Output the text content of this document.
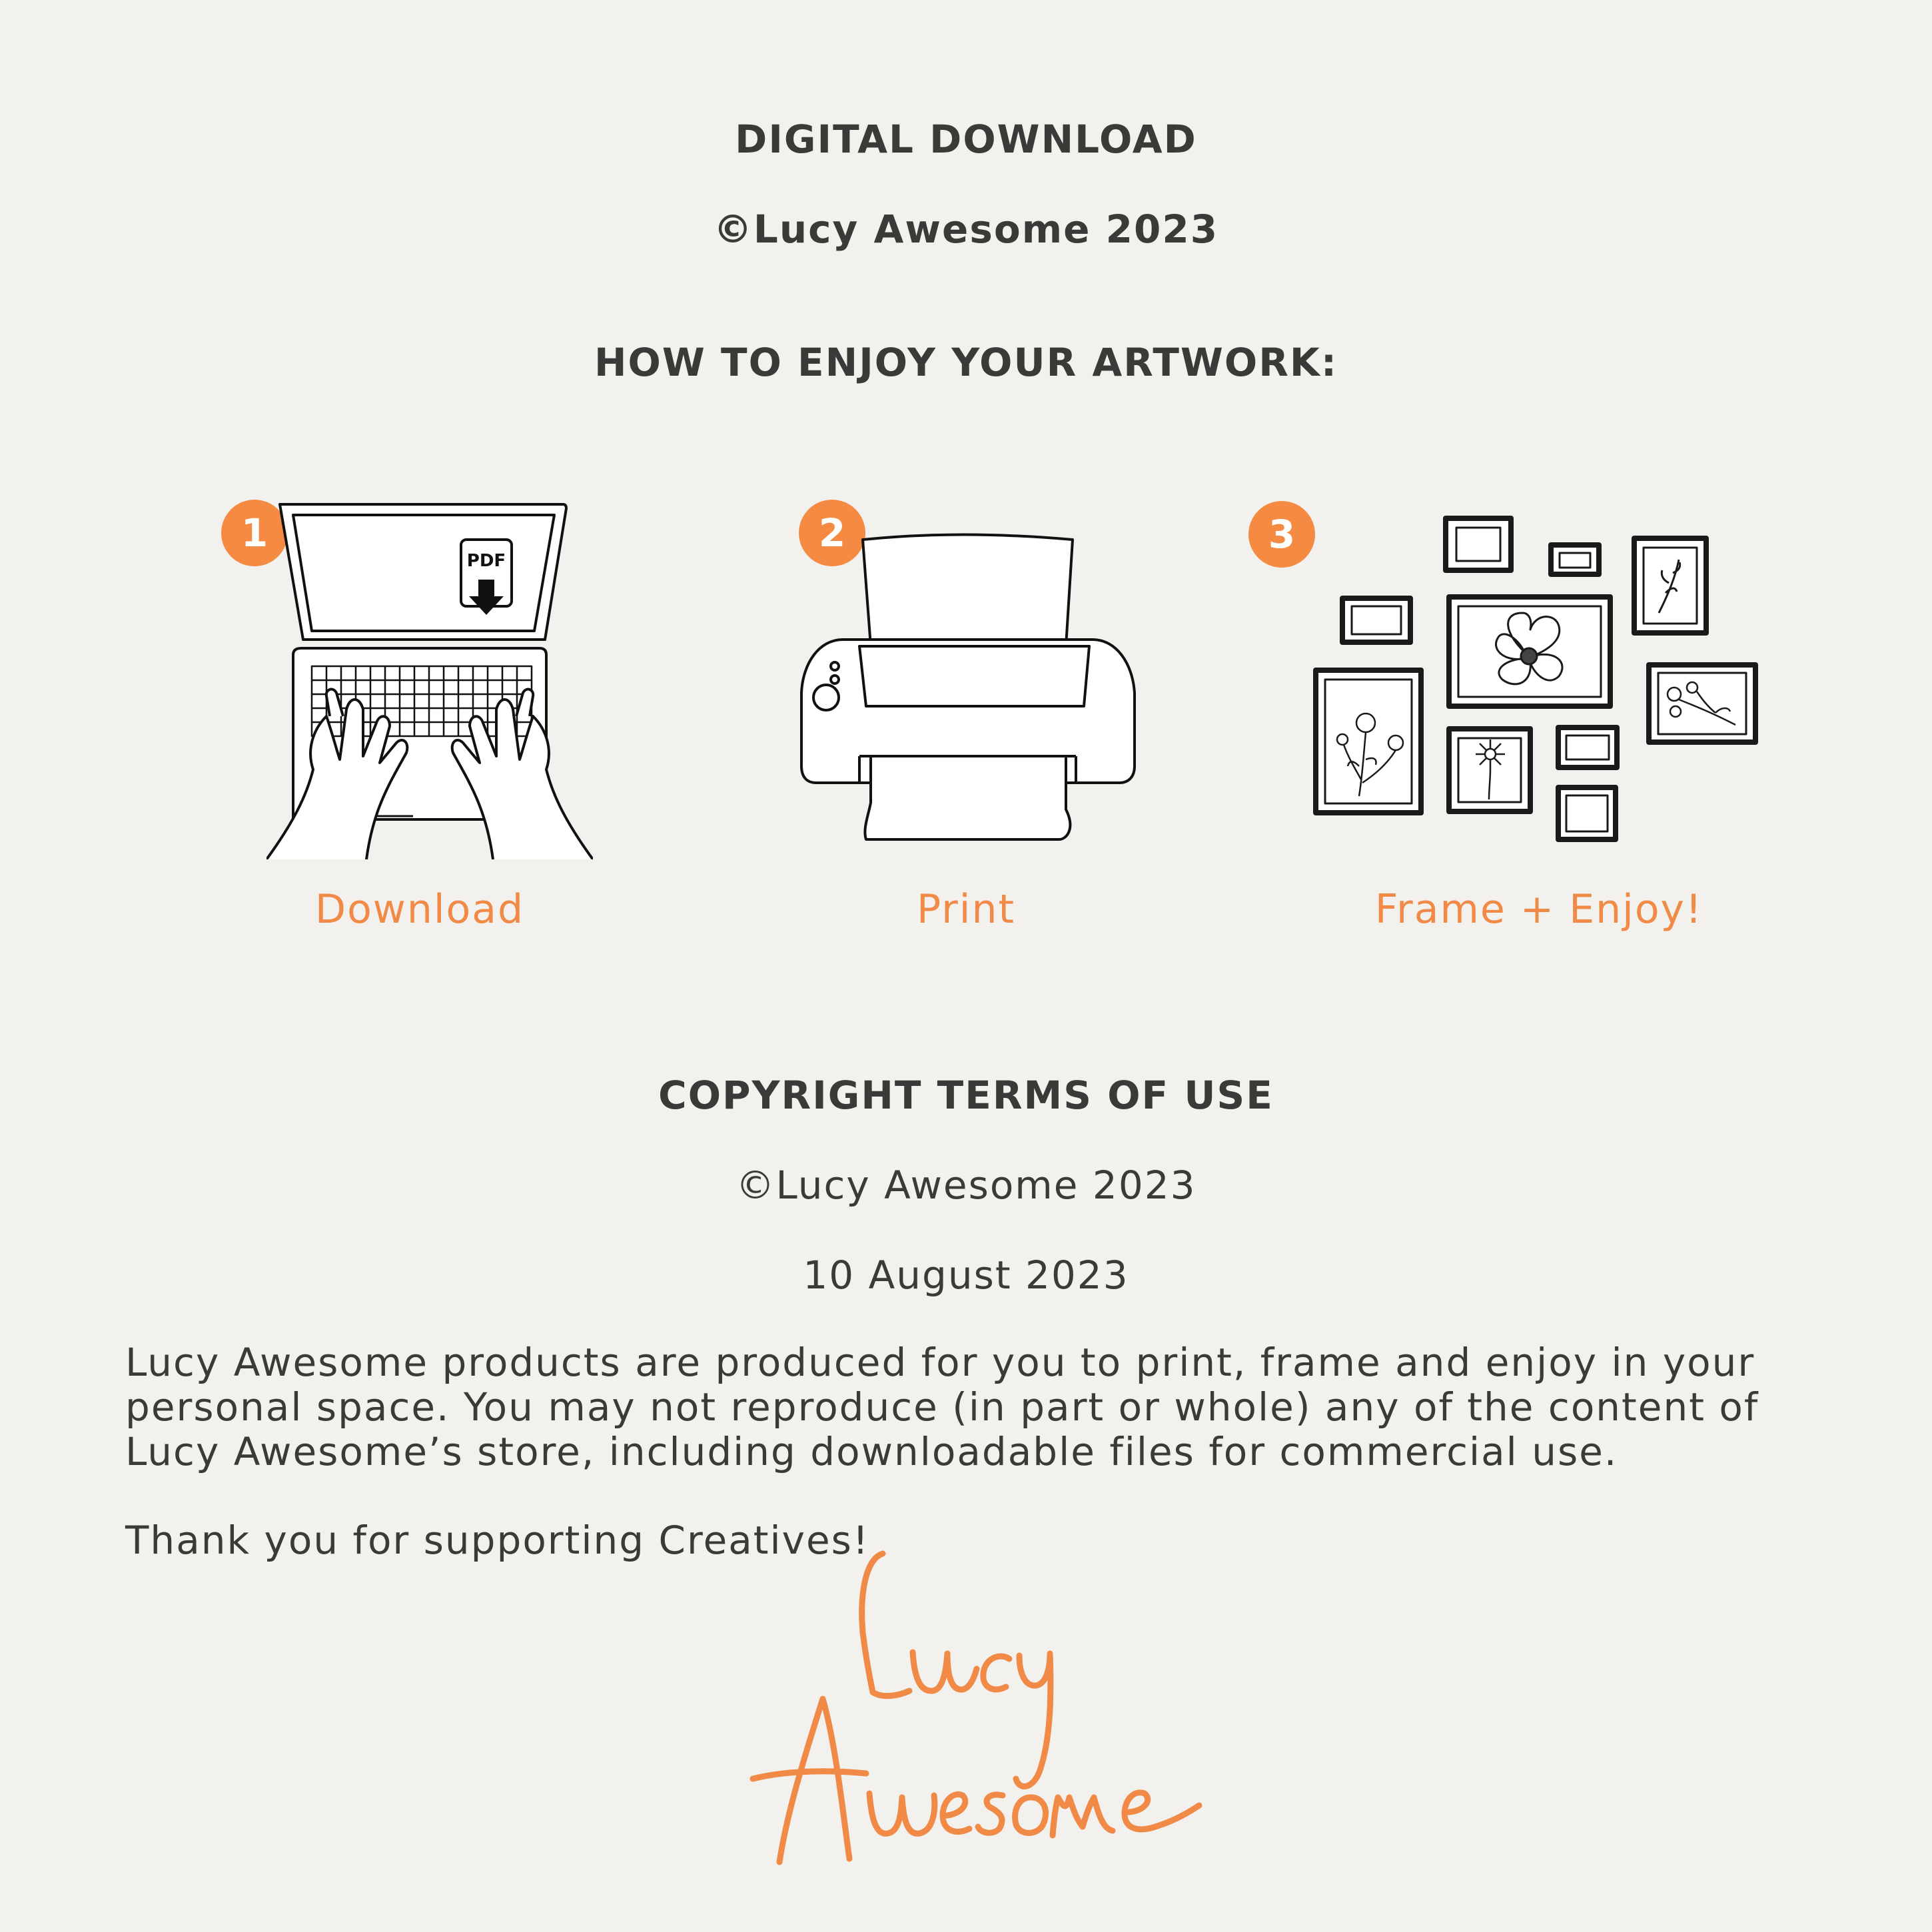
DIGITAL DOWNLOAD

©Lucy Awesome 2023

HOW TO ENJOY YOUR ARTWORK:

1
PDF
Download
2
Print
3
Frame + Enjoy!

COPYRIGHT TERMS OF USE

©Lucy Awesome 2023

10 August 2023

Lucy Awesome products are produced for you to print, frame and enjoy in your

personal space. You may not reproduce (in part or whole) any of the content of

Lucy Awesome’s store, including downloadable files for commercial use.

Thank you for supporting Creatives!
